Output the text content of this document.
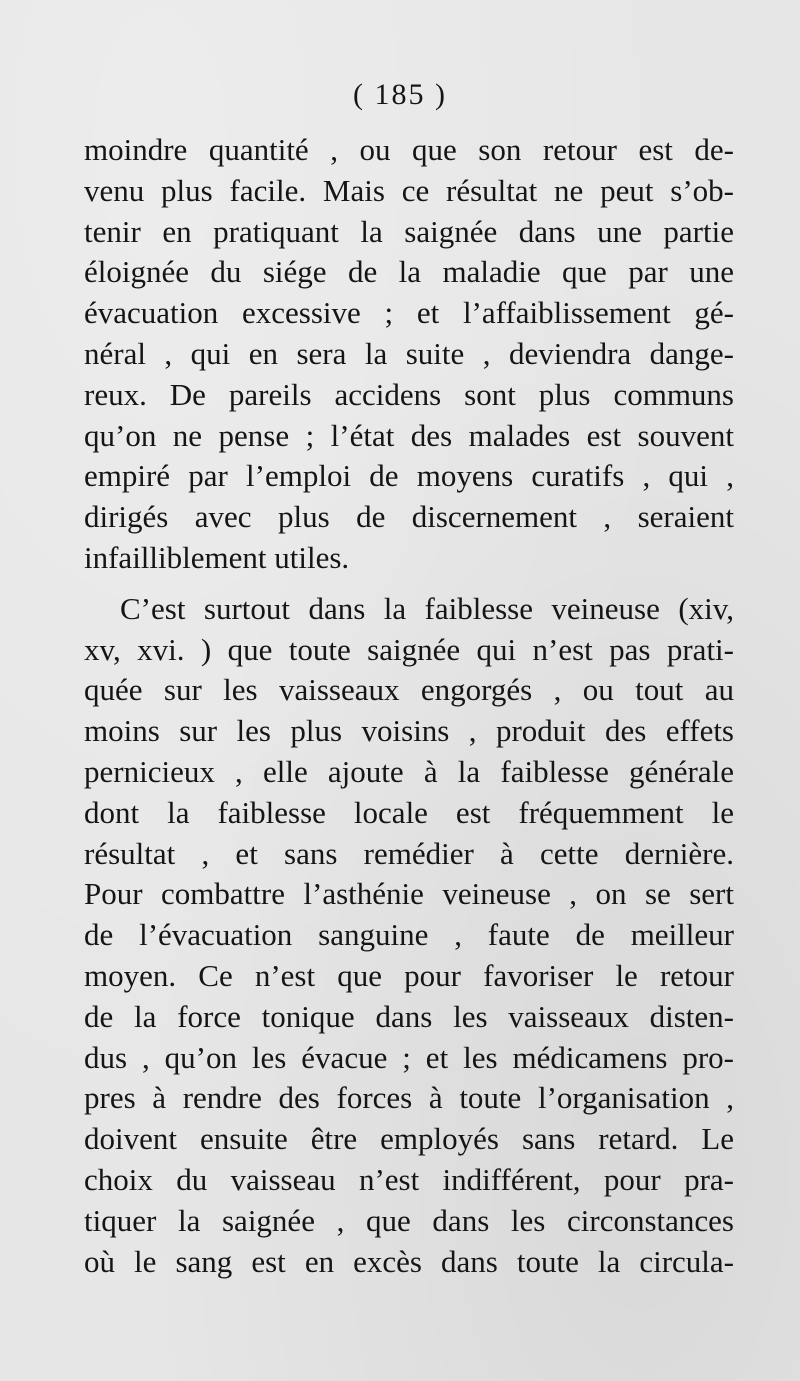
( 185 )
moindre quantité , ou que son retour est de-
venu plus facile. Mais ce résultat ne peut s’ob-
tenir en pratiquant la saignée dans une partie
éloignée du siége de la maladie que par une
évacuation excessive ; et l’affaiblissement gé-
néral , qui en sera la suite , deviendra dange-
reux. De pareils accidens sont plus communs
qu’on ne pense ; l’état des malades est souvent
empiré par l’emploi de moyens curatifs , qui ,
dirigés avec plus de discernement , seraient
infailliblement utiles.
C’est surtout dans la faiblesse veineuse (xiv,
xv, xvi. ) que toute saignée qui n’est pas prati-
quée sur les vaisseaux engorgés , ou tout au
moins sur les plus voisins , produit des effets
pernicieux , elle ajoute à la faiblesse générale
dont la faiblesse locale est fréquemment le
résultat , et sans remédier à cette dernière.
Pour combattre l’asthénie veineuse , on se sert
de l’évacuation sanguine , faute de meilleur
moyen. Ce n’est que pour favoriser le retour
de la force tonique dans les vaisseaux disten-
dus , qu’on les évacue ; et les médicamens pro-
pres à rendre des forces à toute l’organisation ,
doivent ensuite être employés sans retard. Le
choix du vaisseau n’est indifférent, pour pra-
tiquer la saignée , que dans les circonstances
où le sang est en excès dans toute la circula-
